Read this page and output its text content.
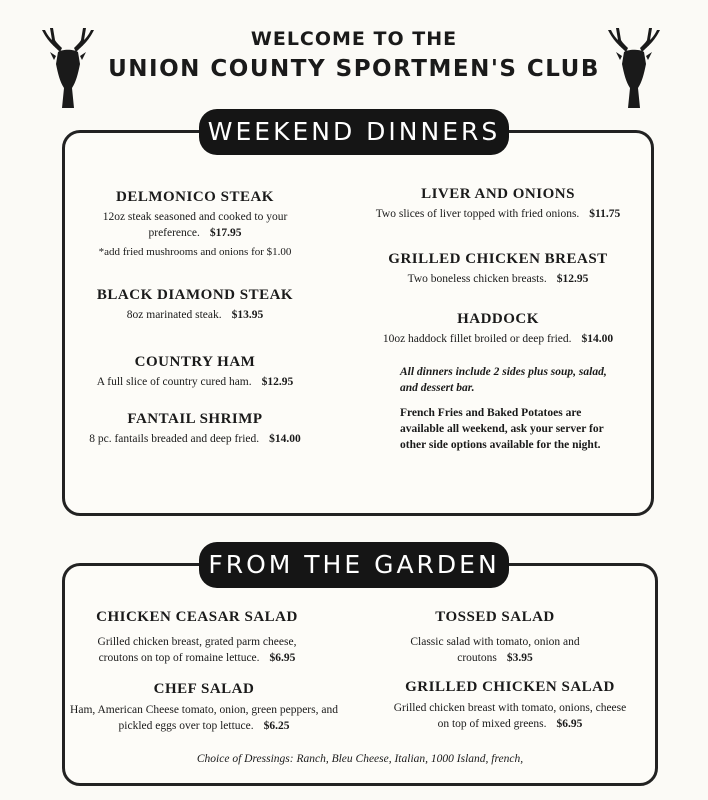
WELCOME TO THE
UNION COUNTY SPORTMEN'S CLUB
WEEKEND DINNERS
DELMONICO STEAK
12oz steak seasoned and cooked to your preference. $17.95
*add fried mushrooms and onions for $1.00
BLACK DIAMOND STEAK
8oz marinated steak. $13.95
COUNTRY HAM
A full slice of country cured ham. $12.95
FANTAIL SHRIMP
8 pc. fantails breaded and deep fried. $14.00
LIVER AND ONIONS
Two slices of liver topped with fried onions. $11.75
GRILLED CHICKEN BREAST
Two boneless chicken breasts. $12.95
HADDOCK
10oz haddock fillet broiled or deep fried. $14.00
All dinners include 2 sides plus soup, salad, and dessert bar.
French Fries and Baked Potatoes are available all weekend, ask your server for other side options available for the night.
FROM THE GARDEN
CHICKEN CEASAR SALAD
Grilled chicken breast, grated parm cheese, croutons on top of romaine lettuce. $6.95
TOSSED SALAD
Classic salad with tomato, onion and croutons $3.95
CHEF SALAD
Ham, American Cheese tomato, onion, green peppers, and pickled eggs over top lettuce. $6.25
GRILLED CHICKEN SALAD
Grilled chicken breast with tomato, onions, cheese on top of mixed greens. $6.95
Choice of Dressings: Ranch, Bleu Cheese, Italian, 1000 Island, french,
